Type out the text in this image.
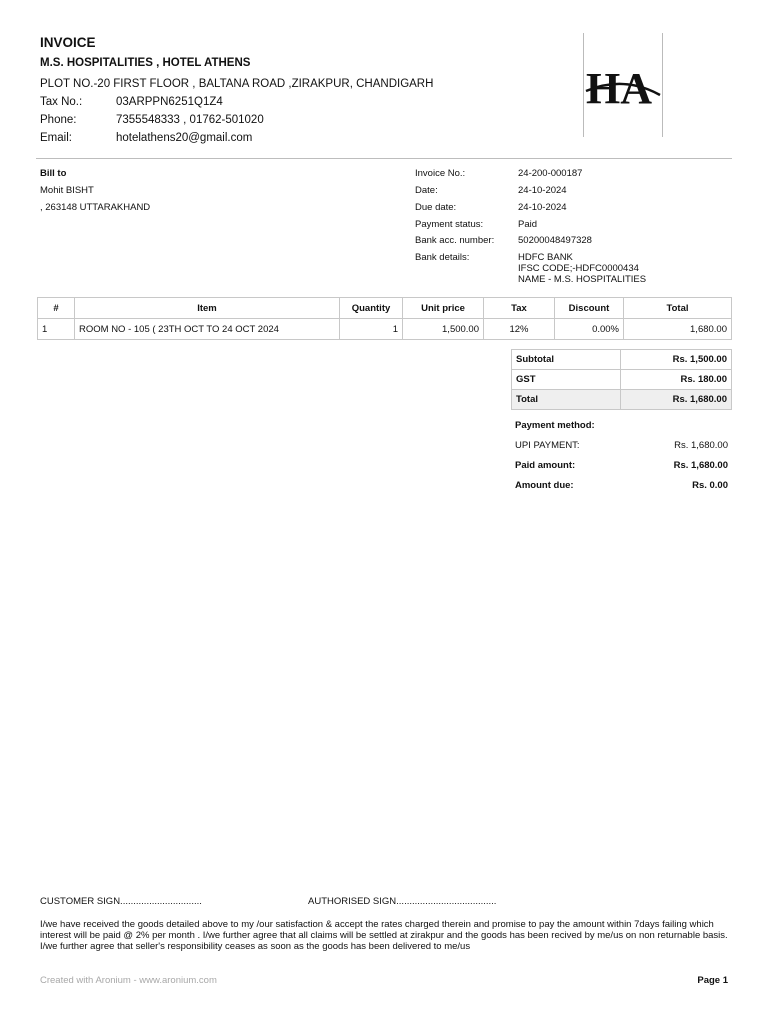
INVOICE
M.S. HOSPITALITIES , HOTEL ATHENS
PLOT NO.-20 FIRST FLOOR , BALTANA ROAD ,ZIRAKPUR, CHANDIGARH
Tax No.:	03ARPPN6251Q1Z4
Phone:	7355548333 , 01762-501020
Email:	hotelathens20@gmail.com
HA
Bill to
Mohit BISHT
, 263148 UTTARAKHAND
Invoice No.:	24-200-000187
Date:	24-10-2024
Due date:	24-10-2024
Payment status:	Paid
Bank acc. number:	50200048497328
Bank details:	HDFC BANK
IFSC CODE;-HDFC0000434
NAME - M.S. HOSPITALITIES
#	Item	Quantity	Unit price	Tax	Discount	Total
1	ROOM NO - 105 ( 23TH OCT TO 24 OCT 2024	1	1,500.00	12%	0.00%	1,680.00
Subtotal	Rs. 1,500.00
GST	Rs. 180.00
Total	Rs. 1,680.00
Payment method:
UPI PAYMENT:	Rs. 1,680.00
Paid amount:	Rs. 1,680.00
Amount due:	Rs. 0.00
CUSTOMER SIGN...............................	AUTHORISED SIGN......................................
I/we have received the goods detailed above to my /our satisfaction & accept the rates charged therein and promise to pay the amount within 7days failing which interest will be paid @ 2% per month . I/we further agree that all claims will be settled at zirakpur and the goods has been recived by me/us on non returnable basis. I/we further agree that seller's responsibility ceases as soon as the goods has been delivered to me/us
Created with Aronium - www.aronium.com	Page 1
